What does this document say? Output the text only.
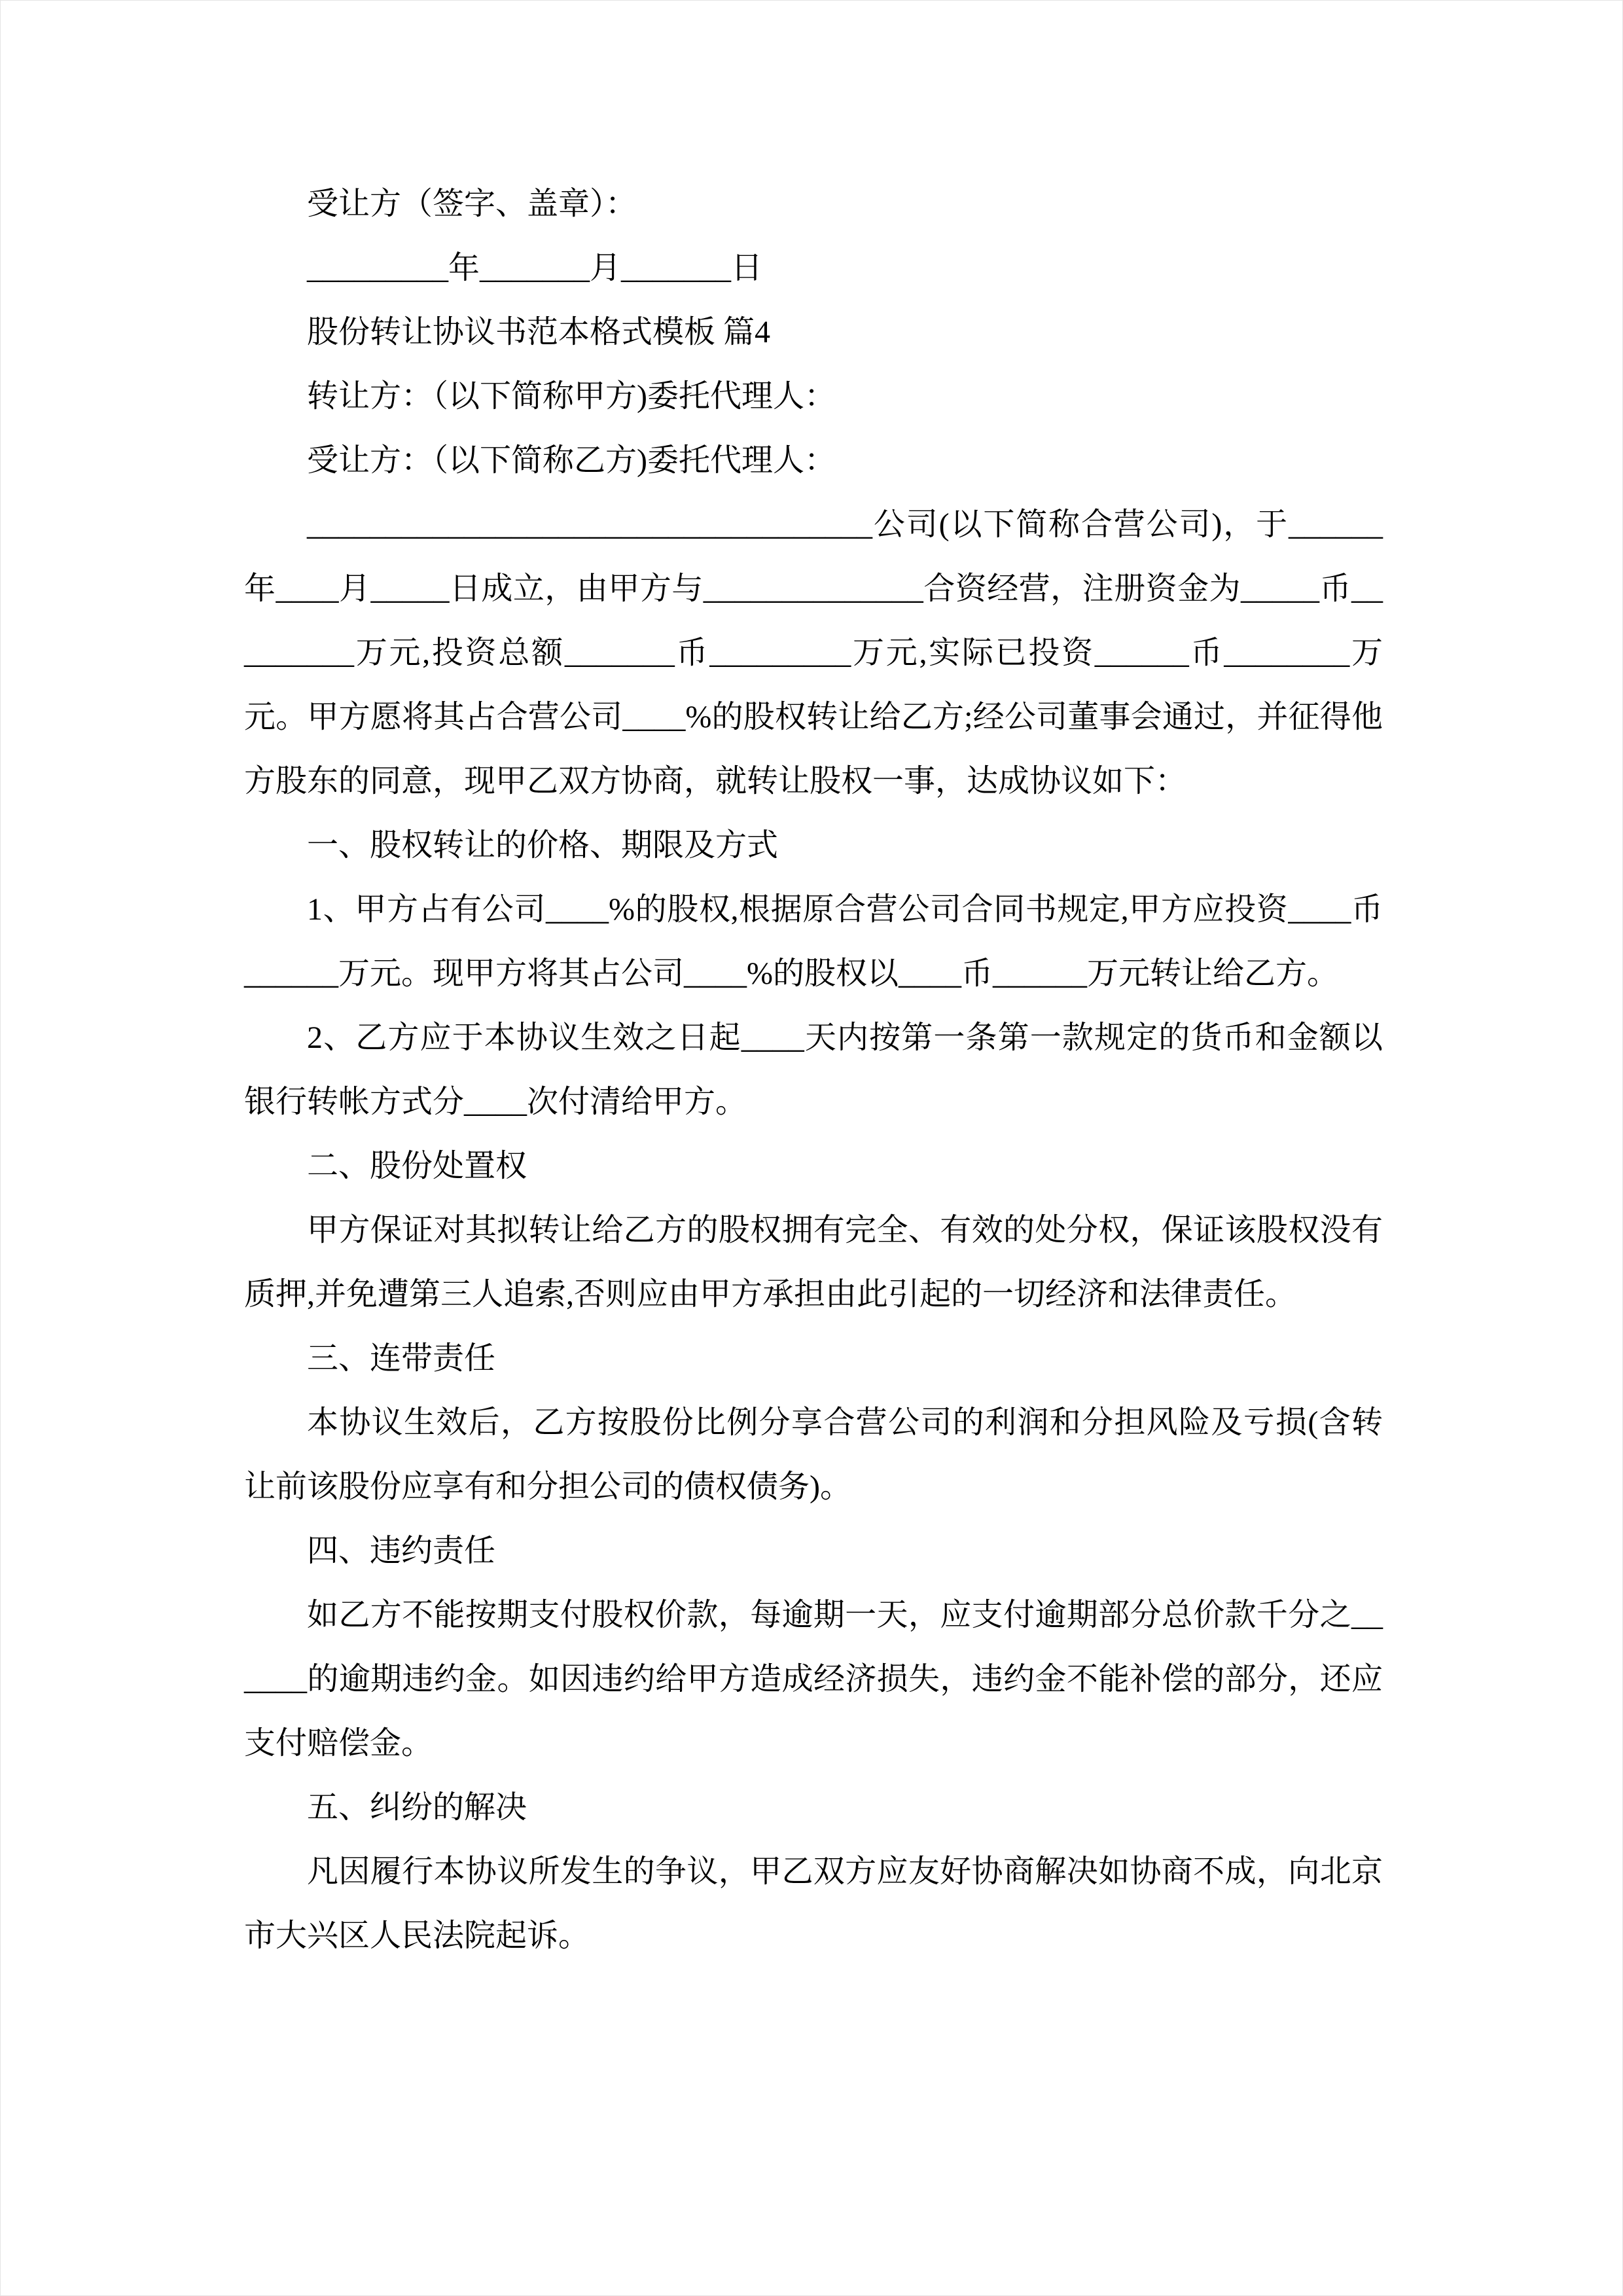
受让方（签字、盖章）：

_________年_______月_______日

股份转让协议书范本格式模板 篇4

转让方：（以下简称甲方)委托代理人：

受让方：（以下简称乙方)委托代理人：

____________________________________公司(以下简称合营公司)，于______年____月_____日成立，由甲方与______________合资经营，注册资金为_____币_________万元,投资总额_______币_________万元,实际已投资______币________万元。甲方愿将其占合营公司____%的股权转让给乙方;经公司董事会通过，并征得他方股东的同意，现甲乙双方协商，就转让股权一事，达成协议如下：

一、股权转让的价格、期限及方式

1、甲方占有公司____%的股权,根据原合营公司合同书规定,甲方应投资____币______万元。现甲方将其占公司____%的股权以____币______万元转让给乙方。

2、乙方应于本协议生效之日起____天内按第一条第一款规定的货币和金额以银行转帐方式分____次付清给甲方。

二、股份处置权

甲方保证对其拟转让给乙方的股权拥有完全、有效的处分权，保证该股权没有质押,并免遭第三人追索,否则应由甲方承担由此引起的一切经济和法律责任。

三、连带责任

本协议生效后，乙方按股份比例分享合营公司的利润和分担风险及亏损(含转让前该股份应享有和分担公司的债权债务)。

四、违约责任

如乙方不能按期支付股权价款，每逾期一天，应支付逾期部分总价款千分之______的逾期违约金。如因违约给甲方造成经济损失，违约金不能补偿的部分，还应支付赔偿金。

五、纠纷的解决

凡因履行本协议所发生的争议，甲乙双方应友好协商解决如协商不成，向北京市大兴区人民法院起诉。
